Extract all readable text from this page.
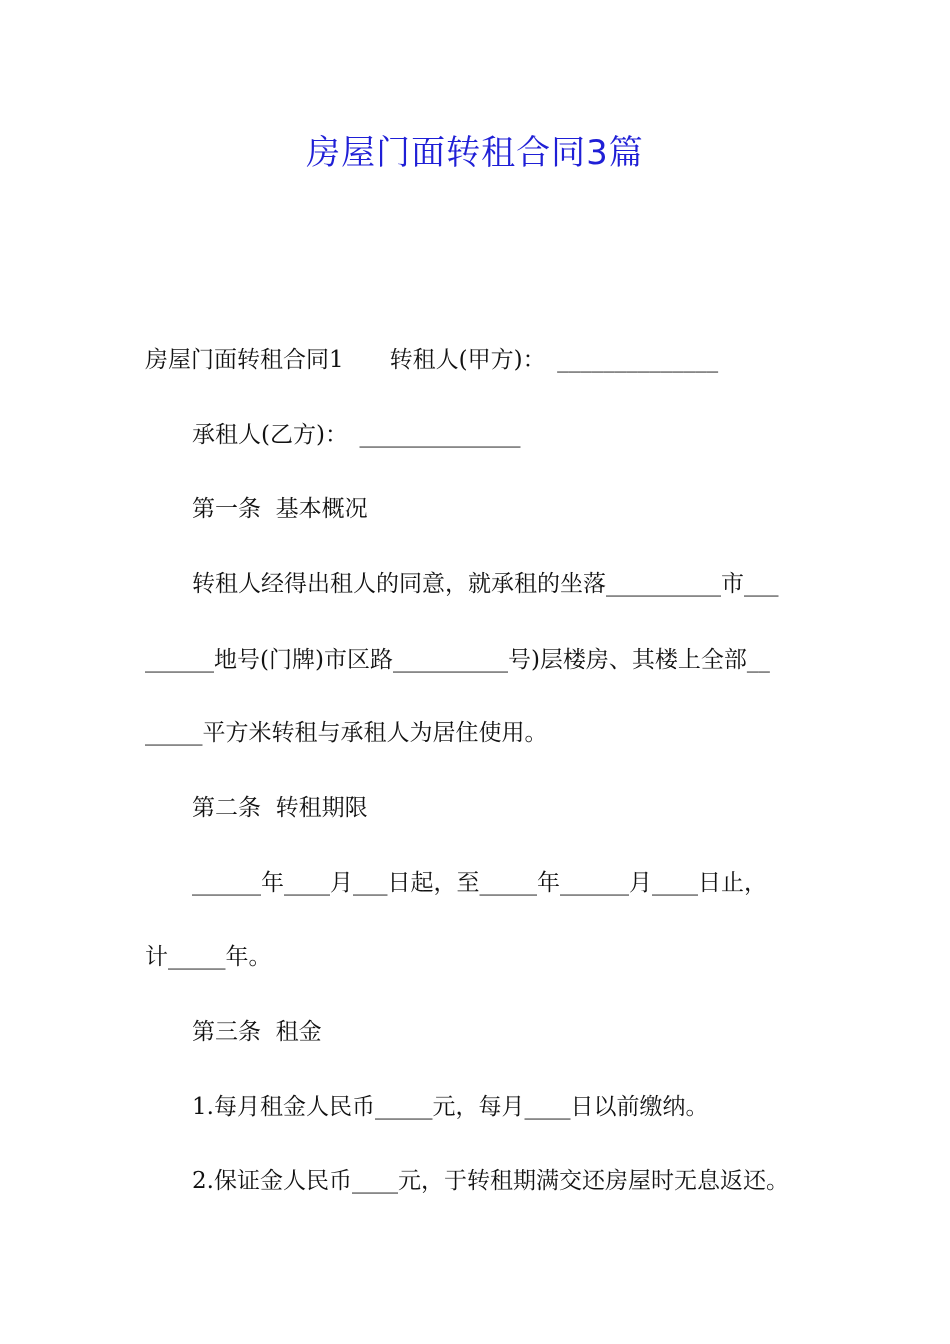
房屋门面转租合同3篇

房屋门面转租合同1　　转租人(甲方)：　______________

承租人(乙方)：　______________

第一条  基本概况

转租人经得出租人的同意，就承租的坐落__________市___

______地号(门牌)市区路__________号)层楼房、其楼上全部__

_____平方米转租与承租人为居住使用。

第二条  转租期限

______年____月___日起，至_____年______月____日止，

计_____年。

第三条  租金

1.每月租金人民币_____元，每月____日以前缴纳。

2.保证金人民币____元，于转租期满交还房屋时无息返还。
